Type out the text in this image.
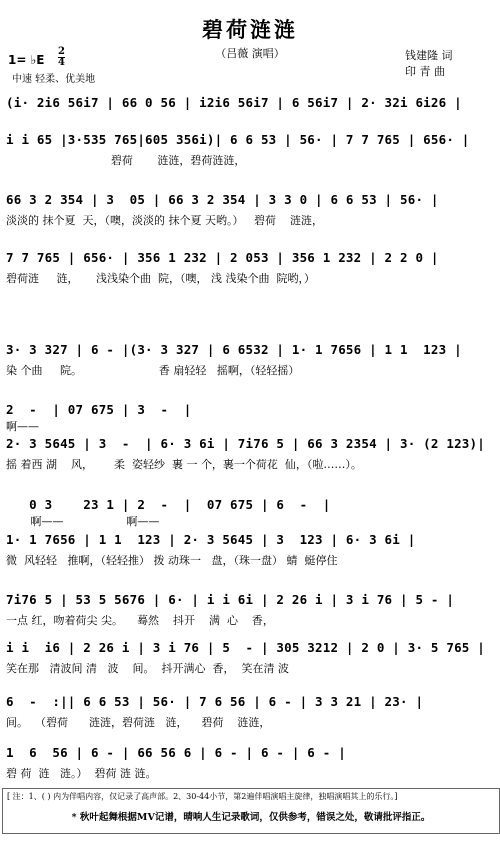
碧荷涟涟
（吕薇 演唱）	钱建隆 词
印 青 曲
1= ♭E
2
4
中速 轻柔、优美地
(i· 2i6 56i7 | 66 0 56 | i2i6 56i7 | 6 56i7 | 2· 32i 6i26 |
i i 65 |3·535 765|605 356i)| 6 6 53 | 56· | 7 7 765 | 656· |
碧荷       涟涟，碧荷涟涟，
66 3 2 354 | 3  05 | 66 3 2 354 | 3 3 0 | 6 6 53 | 56· |
淡淡的 抹个夏  天，（噢，淡淡的 抹个夏 天哟。）   碧荷    涟涟，
7 7 765 | 656· | 356 1 232 | 2 053 | 356 1 232 | 2 2 0 |
碧荷涟     涟，     浅浅染个曲  院，（噢， 浅 浅染个曲  院哟，）
3· 3 327 | 6 - |(3· 3 327 | 6 6532 | 1· 1 7656 | 1 1  123 |
染 个曲     院。                      香 扇轻轻   摇啊，（轻轻摇）
2  -  | 07 675 | 3  -  |
啊——
2· 3 5645 | 3  -  | 6· 3 6i | 7i76 5 | 66 3 2354 | 3· (2 123)|
摇 着西 湖    风，      柔  姿轻纱  裹 一 个，裹一个荷花  仙，（啦……）。
0 3    23 1 | 2  -  |  07 675 | 6  -  |
啊——                  啊——
1· 1 7656 | 1 1  123 | 2· 3 5645 | 3  123 | 6· 3 6i |
微  风轻轻   推啊，（轻轻推） 拨 动珠一   盘，（珠一盘） 蜻  蜓停住
7i76 5 | 53 5 5676 | 6· | i i 6i | 2 26 i | 3 i 76 | 5 - |
一点 红，吻着荷尖 尖。    蓦然    抖开    满  心    香，
i i  i6 | 2 26 i | 3 i 76 | 5  - | 305 3212 | 2 0 | 3· 5 765 |
笑在那   清波间 清   波    间。  抖开满心  香，  笑在清 波
6  -  :|| 6 6 53 | 56· | 7 6 56 | 6 - | 3 3 21 | 23· |
间。  （碧荷      涟涟，碧荷涟   涟，    碧荷    涟涟，
1  6  56 | 6 - | 66 56 6 | 6 - | 6 - | 6 - |
碧 荷  涟   涟。）  碧荷 涟 涟。
[ 注：1、( ) 内为伴唱内容，仅记录了高声部。2、30-44小节，第2遍伴唱演唱主旋律，独唱演唱其上的乐行。]
* 秋叶起舞根据MV记谱，晴响人生记录歌词，仅供参考，错误之处，敬请批评指正。
